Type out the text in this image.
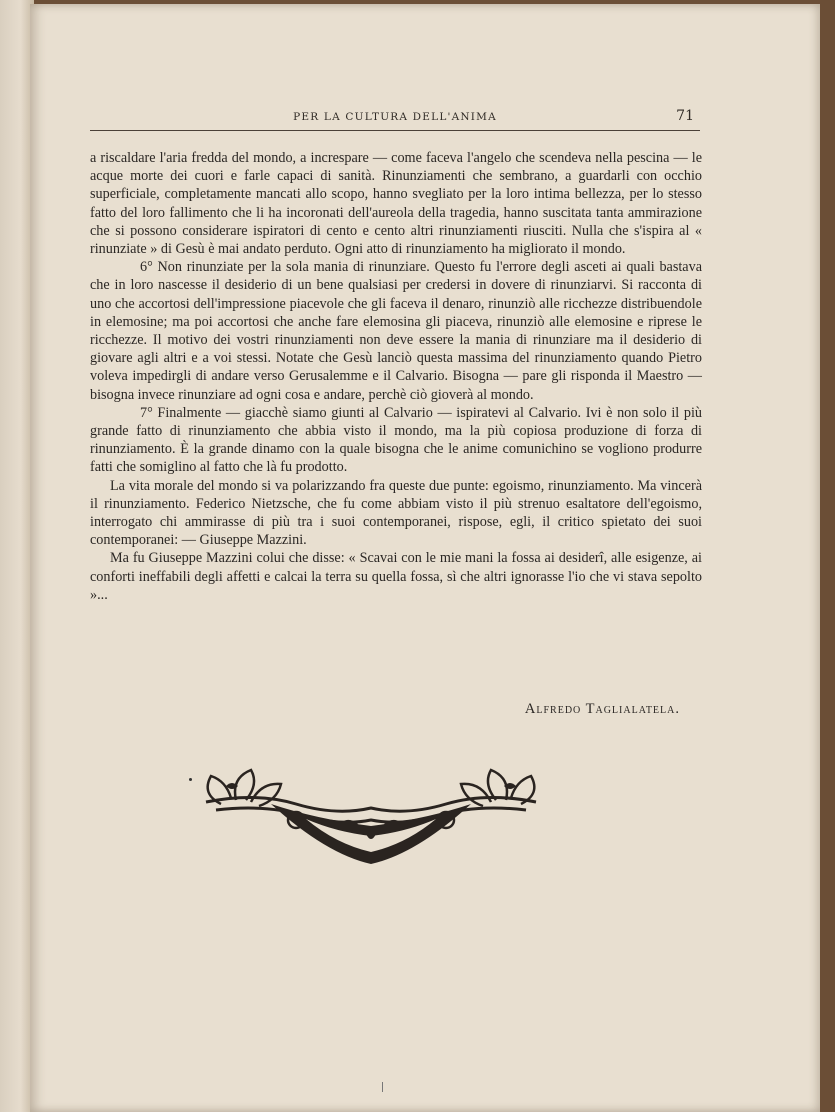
PER LA CULTURA DELL'ANIMA	71

a riscaldare l'aria fredda del mondo, a increspare — come faceva l'angelo che scendeva nella pescina — le acque morte dei cuori e farle capaci di sanità. Rinunziamenti che sembrano, a guardarli con occhio superficiale, completamente mancati allo scopo, hanno svegliato per la loro intima bellezza, per lo stesso fatto del loro fallimento che li ha incoronati dell'aureola della tragedia, hanno suscitata tanta ammirazione che si possono considerare ispiratori di cento e cento altri rinunziamenti riusciti. Nulla che s'ispira al « rinunziate » di Gesù è mai andato perduto. Ogni atto di rinunziamento ha migliorato il mondo.

6° Non rinunziate per la sola mania di rinunziare. Questo fu l'errore degli asceti ai quali bastava che in loro nascesse il desiderio di un bene qualsiasi per credersi in dovere di rinunziarvi. Si racconta di uno che accortosi dell'impressione piacevole che gli faceva il denaro, rinunziò alle ricchezze distribuendole in elemosine; ma poi accortosi che anche fare elemosina gli piaceva, rinunziò alle elemosine e riprese le ricchezze. Il motivo dei vostri rinunziamenti non deve essere la mania di rinunziare ma il desiderio di giovare agli altri e a voi stessi. Notate che Gesù lanciò questa massima del rinunziamento quando Pietro voleva impedirgli di andare verso Gerusalemme e il Calvario. Bisogna — pare gli risponda il Maestro — bisogna invece rinunziare ad ogni cosa e andare, perchè ciò gioverà al mondo.

7° Finalmente — giacchè siamo giunti al Calvario — ispiratevi al Calvario. Ivi è non solo il più grande fatto di rinunziamento che abbia visto il mondo, ma la più copiosa produzione di forza di rinunziamento. È la grande dinamo con la quale bisogna che le anime comunichino se vogliono produrre fatti che somiglino al fatto che là fu prodotto.

La vita morale del mondo si va polarizzando fra queste due punte: egoismo, rinunziamento. Ma vincerà il rinunziamento. Federico Nietzsche, che fu come abbiam visto il più strenuo esaltatore dell'egoismo, interrogato chi ammirasse di più tra i suoi contemporanei, rispose, egli, il critico spietato dei suoi contemporanei: — Giuseppe Mazzini.

Ma fu Giuseppe Mazzini colui che disse: « Scavai con le mie mani la fossa ai desiderî, alle esigenze, ai conforti ineffabili degli affetti e calcai la terra su quella fossa, sì che altri ignorasse l'io che vi stava sepolto »...

Alfredo Taglialatela.
